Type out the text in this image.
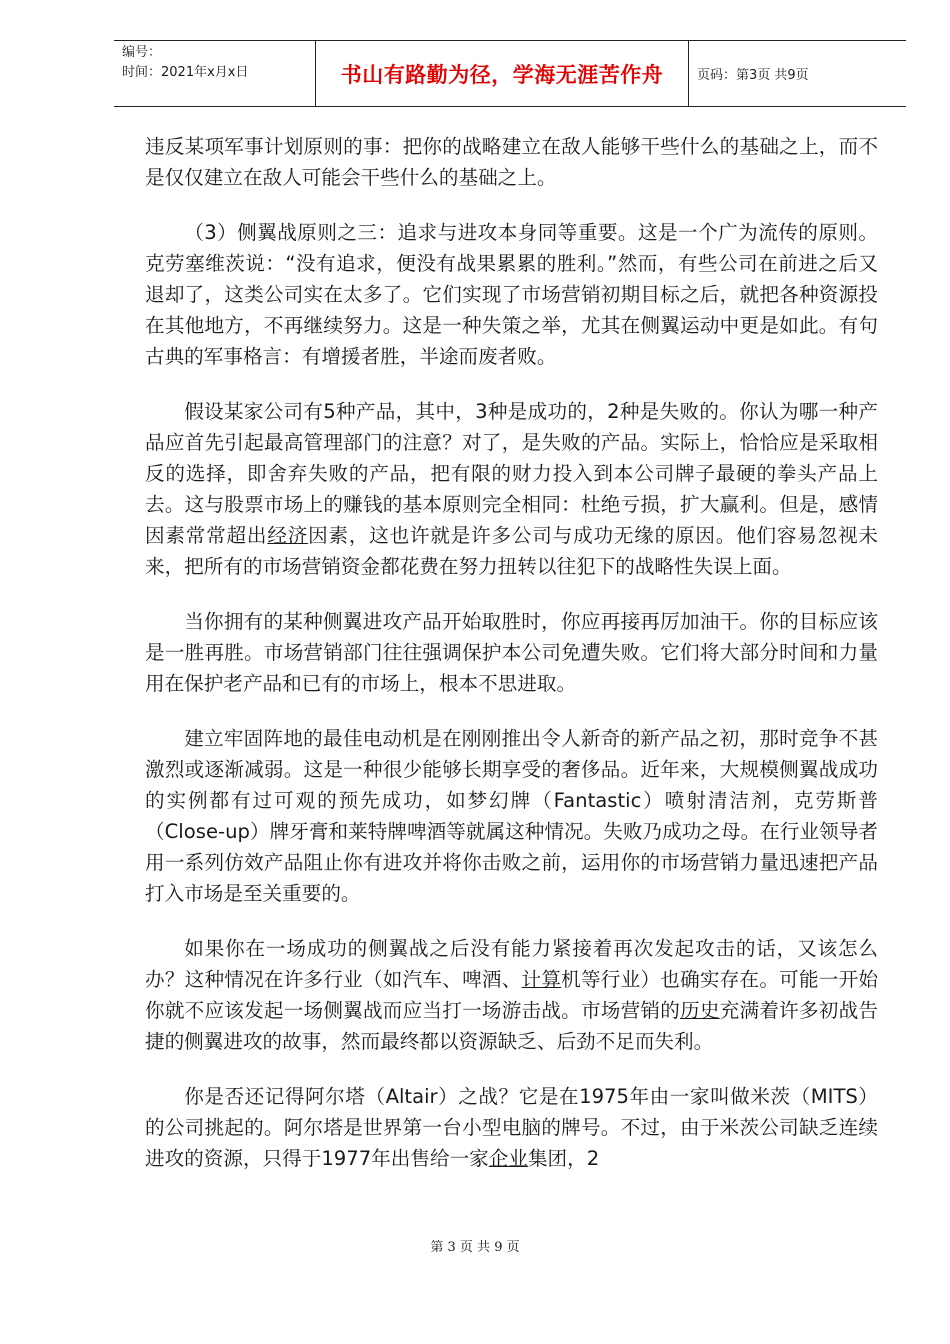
编号：
时间：2021年x月x日	书山有路勤为径，学海无涯苦作舟	页码：第3页 共9页

违反某项军事计划原则的事：把你的战略建立在敌人能够干些什么的基础之上，而不是仅仅建立在敌人可能会干些什么的基础之上。

（3）侧翼战原则之三：追求与进攻本身同等重要。这是一个广为流传的原则。克劳塞维茨说：“没有追求，便没有战果累累的胜利。”然而，有些公司在前进之后又退却了，这类公司实在太多了。它们实现了市场营销初期目标之后，就把各种资源投在其他地方，不再继续努力。这是一种失策之举，尤其在侧翼运动中更是如此。有句古典的军事格言：有增援者胜，半途而废者败。

假设某家公司有5种产品，其中，3种是成功的，2种是失败的。你认为哪一种产品应首先引起最高管理部门的注意？对了，是失败的产品。实际上，恰恰应是采取相反的选择，即舍弃失败的产品，把有限的财力投入到本公司牌子最硬的拳头产品上去。这与股票市场上的赚钱的基本原则完全相同：杜绝亏损，扩大赢利。但是，感情因素常常超出经济因素，这也许就是许多公司与成功无缘的原因。他们容易忽视未来，把所有的市场营销资金都花费在努力扭转以往犯下的战略性失误上面。

当你拥有的某种侧翼进攻产品开始取胜时，你应再接再厉加油干。你的目标应该是一胜再胜。市场营销部门往往强调保护本公司免遭失败。它们将大部分时间和力量用在保护老产品和已有的市场上，根本不思进取。

建立牢固阵地的最佳电动机是在刚刚推出令人新奇的新产品之初，那时竞争不甚激烈或逐渐减弱。这是一种很少能够长期享受的奢侈品。近年来，大规模侧翼战成功的实例都有过可观的预先成功，如梦幻牌（Fantastic）喷射清洁剂，克劳斯普（Close-up）牌牙膏和莱特牌啤酒等就属这种情况。失败乃成功之母。在行业领导者用一系列仿效产品阻止你有进攻并将你击败之前，运用你的市场营销力量迅速把产品打入市场是至关重要的。

如果你在一场成功的侧翼战之后没有能力紧接着再次发起攻击的话，又该怎么办？这种情况在许多行业（如汽车、啤酒、计算机等行业）也确实存在。可能一开始你就不应该发起一场侧翼战而应当打一场游击战。市场营销的历史充满着许多初战告捷的侧翼进攻的故事，然而最终都以资源缺乏、后劲不足而失利。

你是否还记得阿尔塔（Altair）之战？它是在1975年由一家叫做米茨（MITS）的公司挑起的。阿尔塔是世界第一台小型电脑的牌号。不过，由于米茨公司缺乏连续进攻的资源，只得于1977年出售给一家企业集团，2

第 3 页 共 9 页
